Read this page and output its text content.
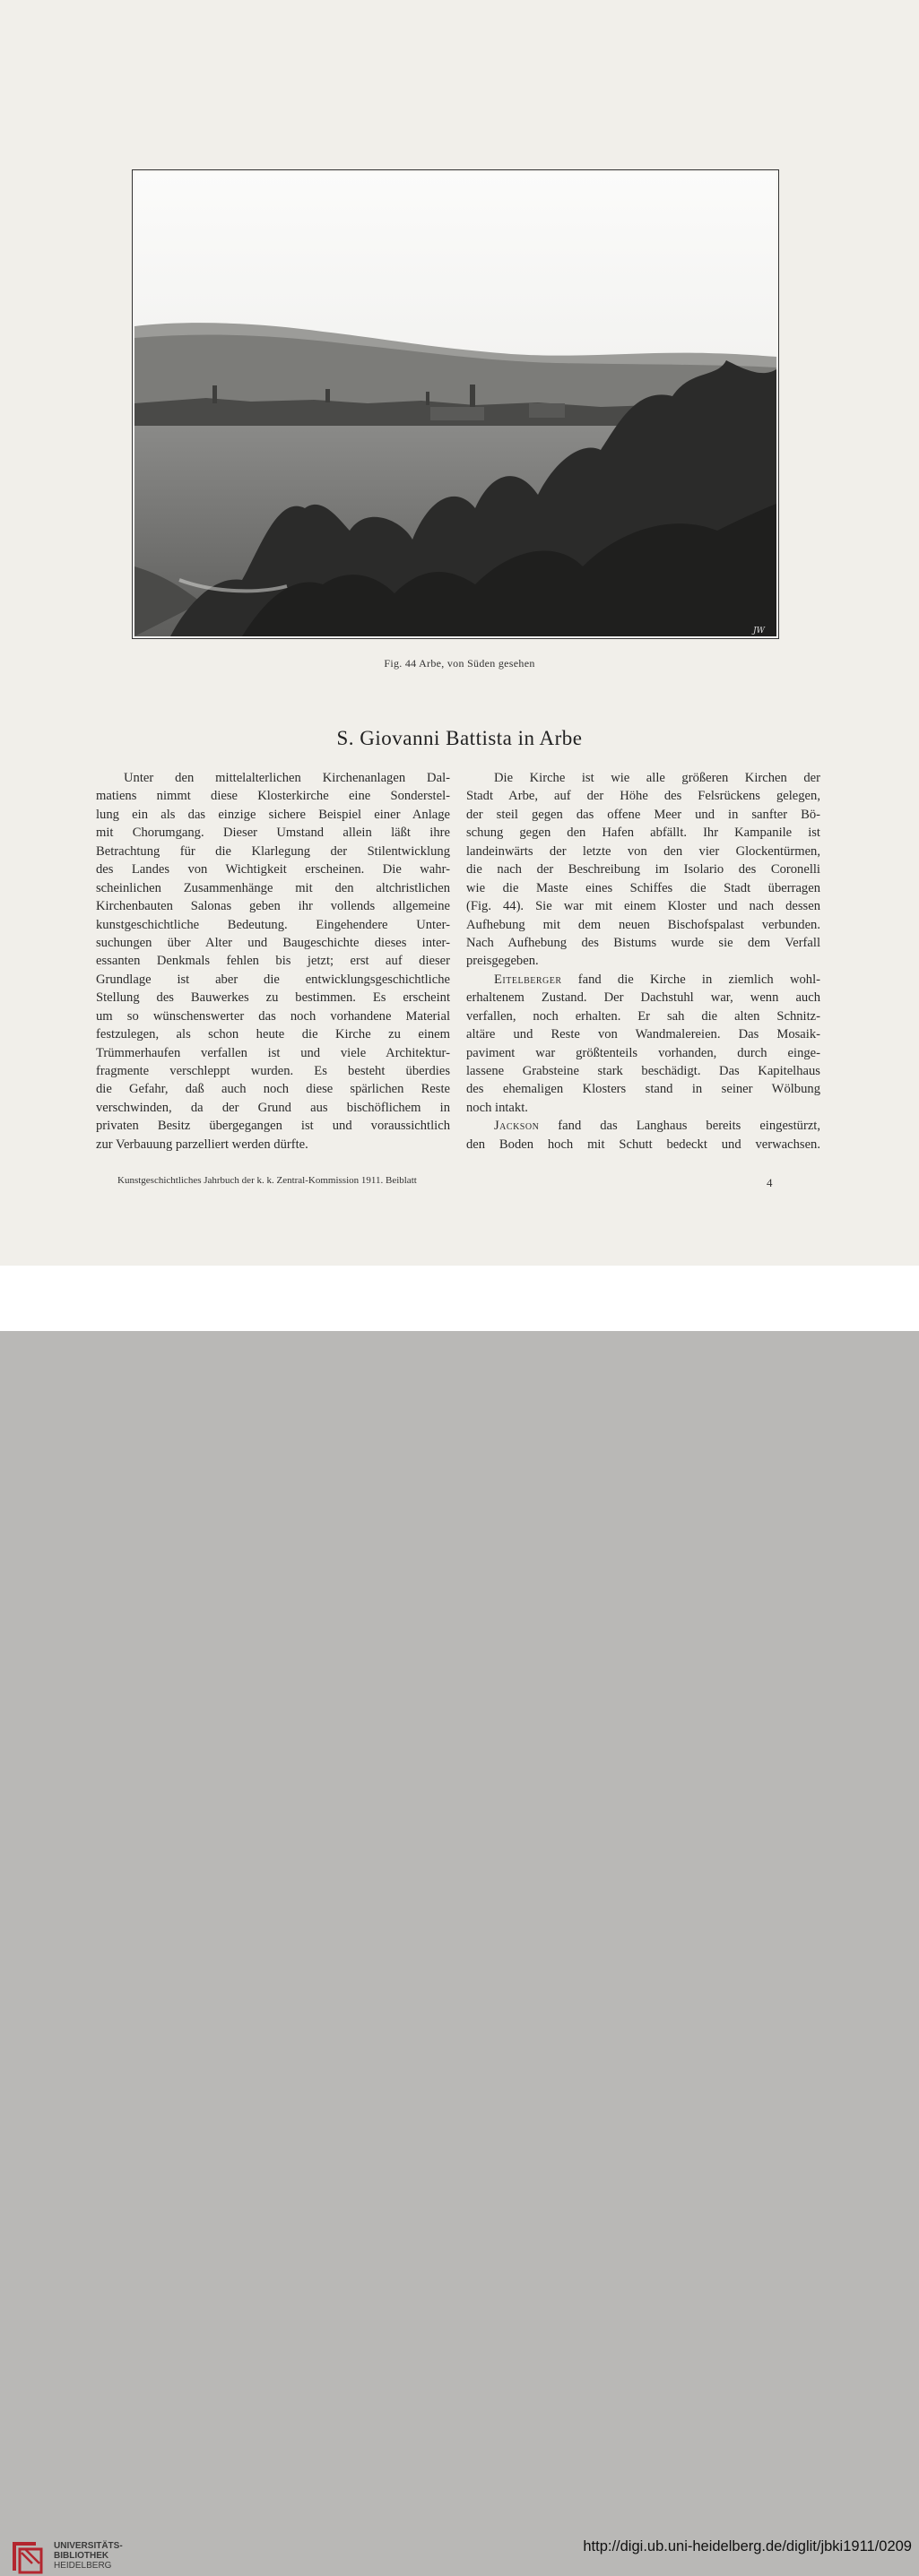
JW
Fig. 44 Arbe, von Süden gesehen
S. Giovanni Battista in Arbe
Unter den mittelalterlichen Kirchenanlagen Dal-
matiens nimmt diese Klosterkirche eine Sonderstel-
lung ein als das einzige sichere Beispiel einer Anlage
mit Chorumgang. Dieser Umstand allein läßt ihre
Betrachtung für die Klarlegung der Stilentwicklung
des Landes von Wichtigkeit erscheinen. Die wahr-
scheinlichen Zusammenhänge mit den altchristlichen
Kirchenbauten Salonas geben ihr vollends allgemeine
kunstgeschichtliche Bedeutung. Eingehendere Unter-
suchungen über Alter und Baugeschichte dieses inter-
essanten Denkmals fehlen bis jetzt; erst auf dieser
Grundlage ist aber die entwicklungsgeschichtliche
Stellung des Bauwerkes zu bestimmen. Es erscheint
um so wünschenswerter das noch vorhandene Material
festzulegen, als schon heute die Kirche zu einem
Trümmerhaufen verfallen ist und viele Architektur-
fragmente verschleppt wurden. Es besteht überdies
die Gefahr, daß auch noch diese spärlichen Reste
verschwinden, da der Grund aus bischöflichem in
privaten Besitz übergegangen ist und voraussichtlich
zur Verbauung parzelliert werden dürfte.
Die Kirche ist wie alle größeren Kirchen der
Stadt Arbe, auf der Höhe des Felsrückens gelegen,
der steil gegen das offene Meer und in sanfter Bö-
schung gegen den Hafen abfällt. Ihr Kampanile ist
landeinwärts der letzte von den vier Glockentürmen,
die nach der Beschreibung im Isolario des Coronelli
wie die Maste eines Schiffes die Stadt überragen
(Fig. 44). Sie war mit einem Kloster und nach dessen
Aufhebung mit dem neuen Bischofspalast verbunden.
Nach Aufhebung des Bistums wurde sie dem Verfall
preisgegeben.
Eitelberger fand die Kirche in ziemlich wohl-
erhaltenem Zustand. Der Dachstuhl war, wenn auch
verfallen, noch erhalten. Er sah die alten Schnitz-
altäre und Reste von Wandmalereien. Das Mosaik-
paviment war größtenteils vorhanden, durch einge-
lassene Grabsteine stark beschädigt. Das Kapitelhaus
des ehemaligen Klosters stand in seiner Wölbung
noch intakt.
Jackson fand das Langhaus bereits eingestürzt,
den Boden hoch mit Schutt bedeckt und verwachsen.
Kunstgeschichtliches Jahrbuch der k. k. Zentral-Kommission 1911. Beiblatt	4
UNIVERSITÄTS-
BIBLIOTHEK
HEIDELBERG
http://digi.ub.uni-heidelberg.de/diglit/jbki1911/0209
